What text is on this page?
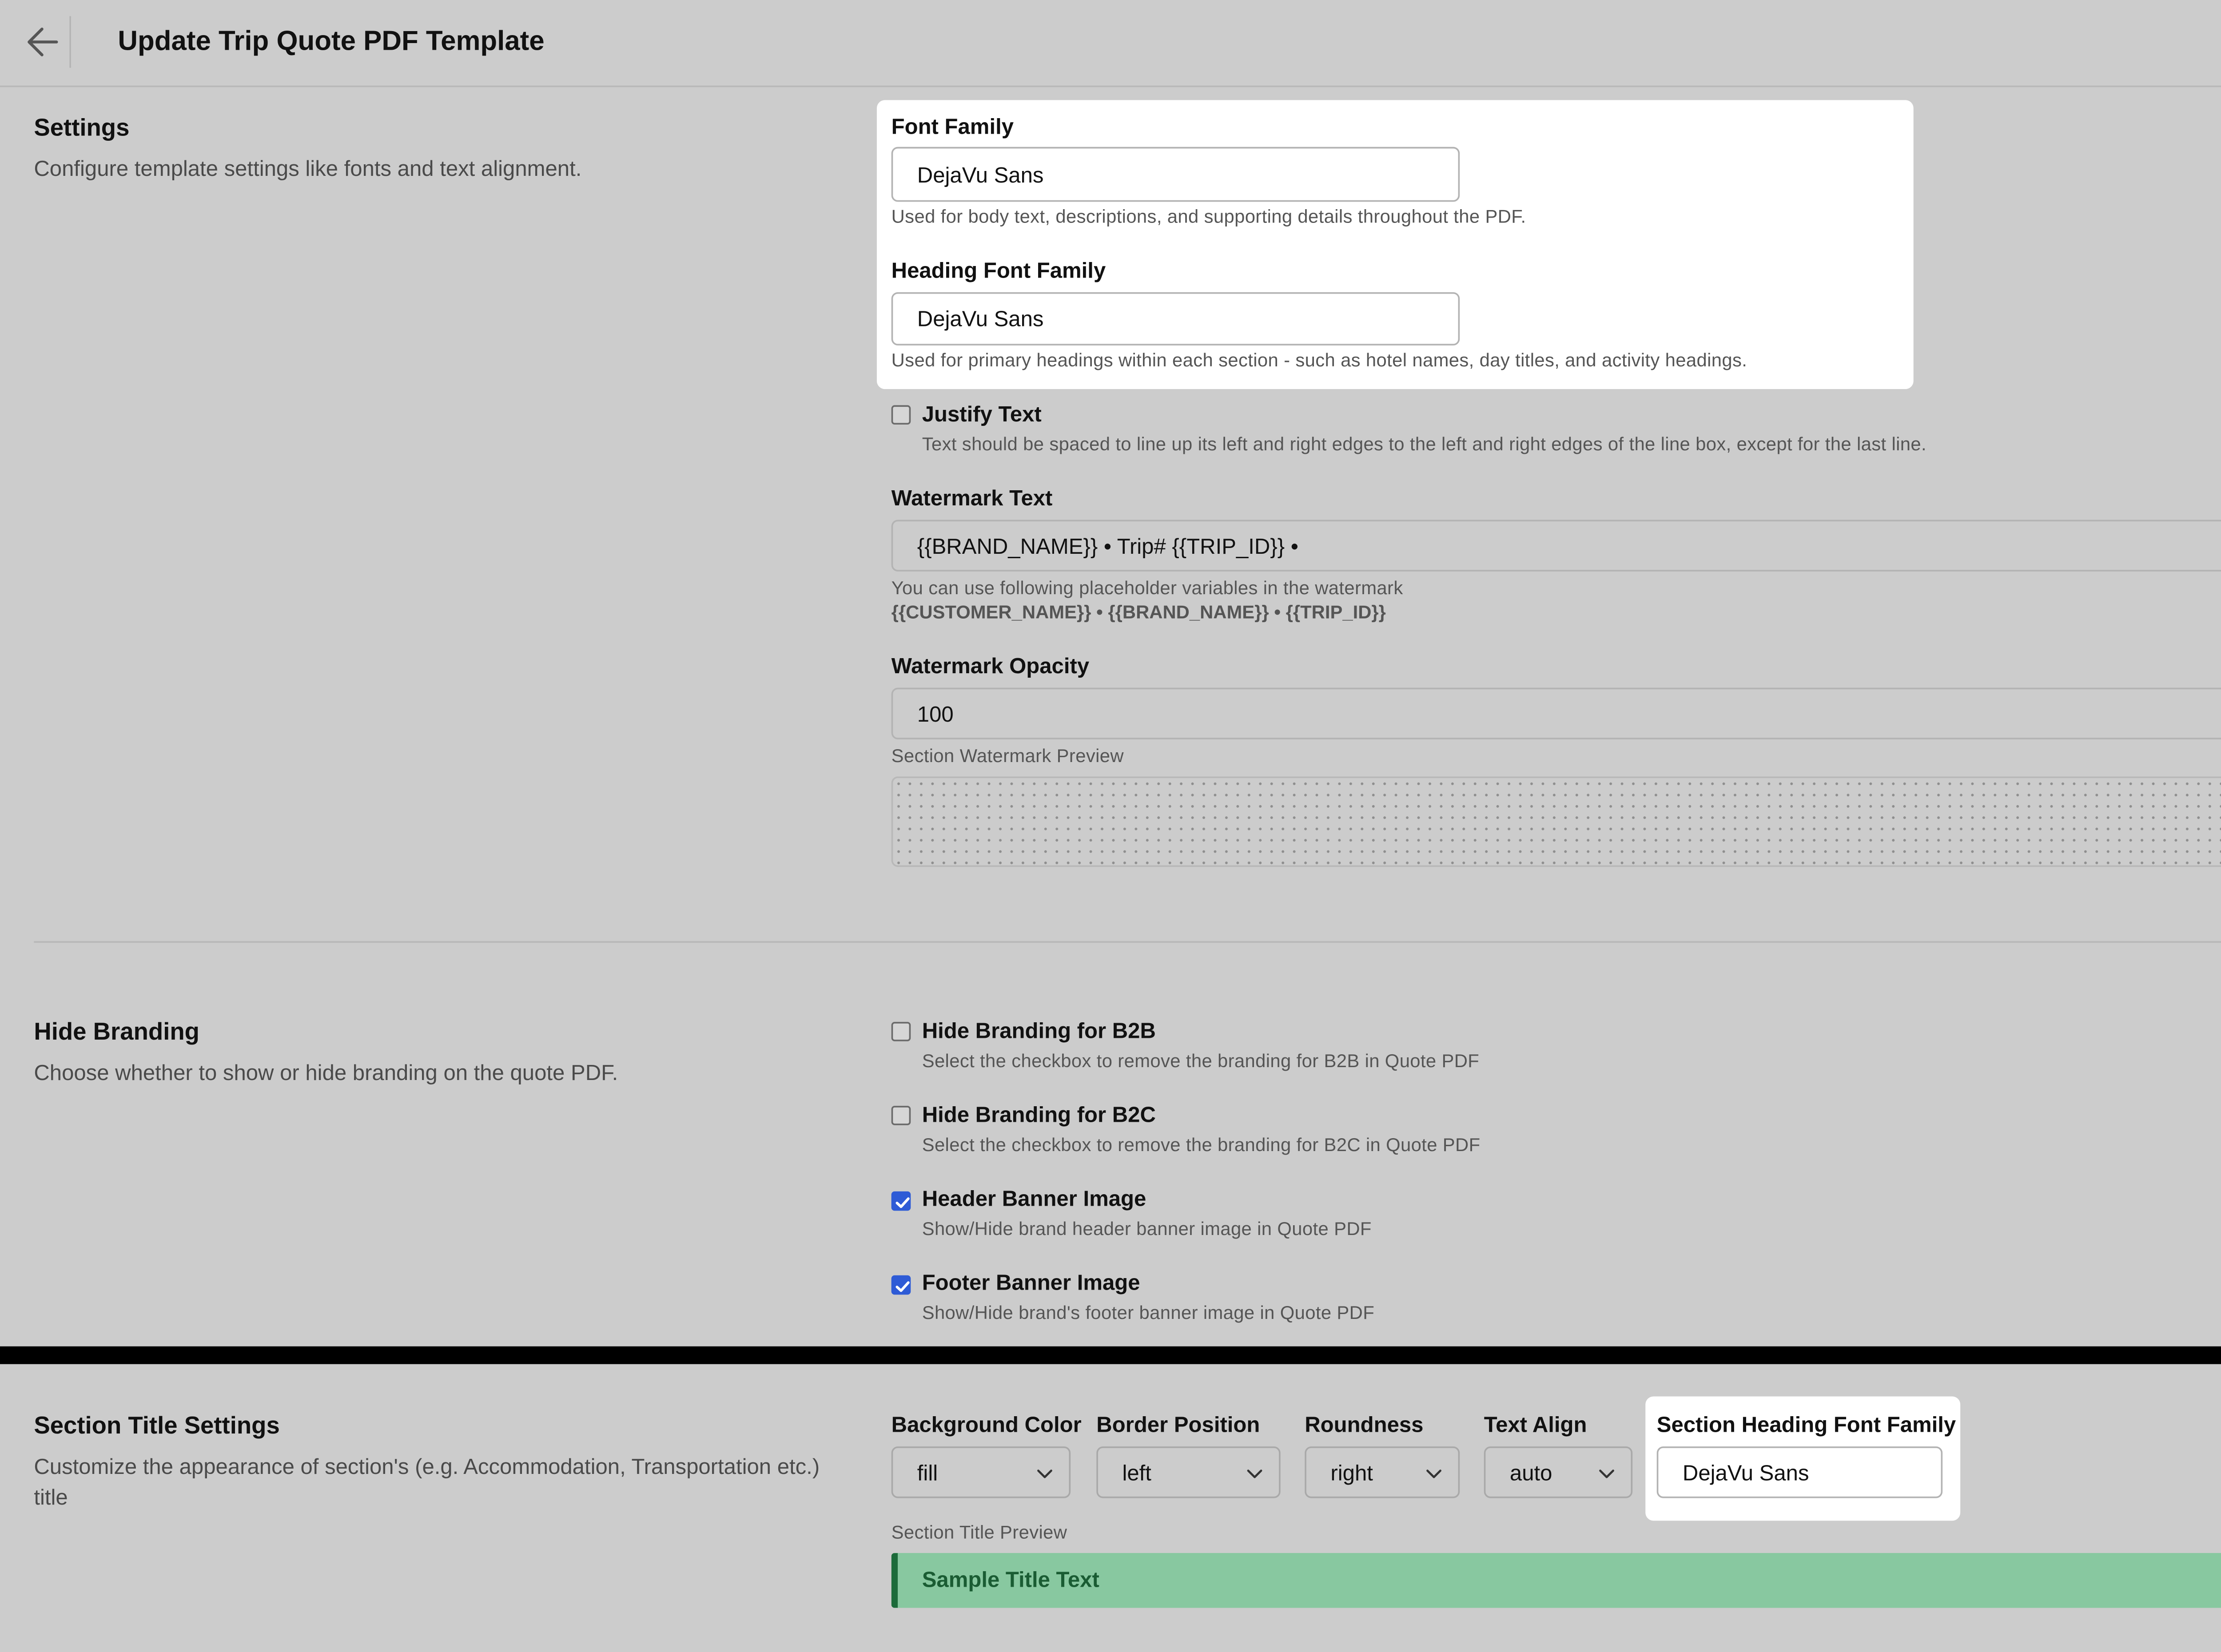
Update Trip Quote PDF Template
Settings
Configure template settings like fonts and text alignment.
Font Family
DejaVu Sans
Used for body text, descriptions, and supporting details throughout the PDF.
Heading Font Family
DejaVu Sans
Used for primary headings within each section - such as hotel names, day titles, and activity headings.
Justify Text
Text should be spaced to line up its left and right edges to the left and right edges of the line box, except for the last line.
Watermark Text
{{BRAND_NAME}} • Trip# {{TRIP_ID}} •
You can use following placeholder variables in the watermark
{{CUSTOMER_NAME}} • {{BRAND_NAME}} • {{TRIP_ID}}
Watermark Opacity
100
Section Watermark Preview
Hide Branding
Choose whether to show or hide branding on the quote PDF.
Hide Branding for B2B
Select the checkbox to remove the branding for B2B in Quote PDF
Hide Branding for B2C
Select the checkbox to remove the branding for B2C in Quote PDF
Header Banner Image
Show/Hide brand header banner image in Quote PDF
Footer Banner Image
Show/Hide brand's footer banner image in Quote PDF
Section Title Settings
Customize the appearance of section's (e.g. Accommodation, Transportation etc.) title
Background Color
fill
Border Position
left
Roundness
right
Text Align
auto
Section Heading Font Family
DejaVu Sans
Section Title Preview
Sample Title Text
